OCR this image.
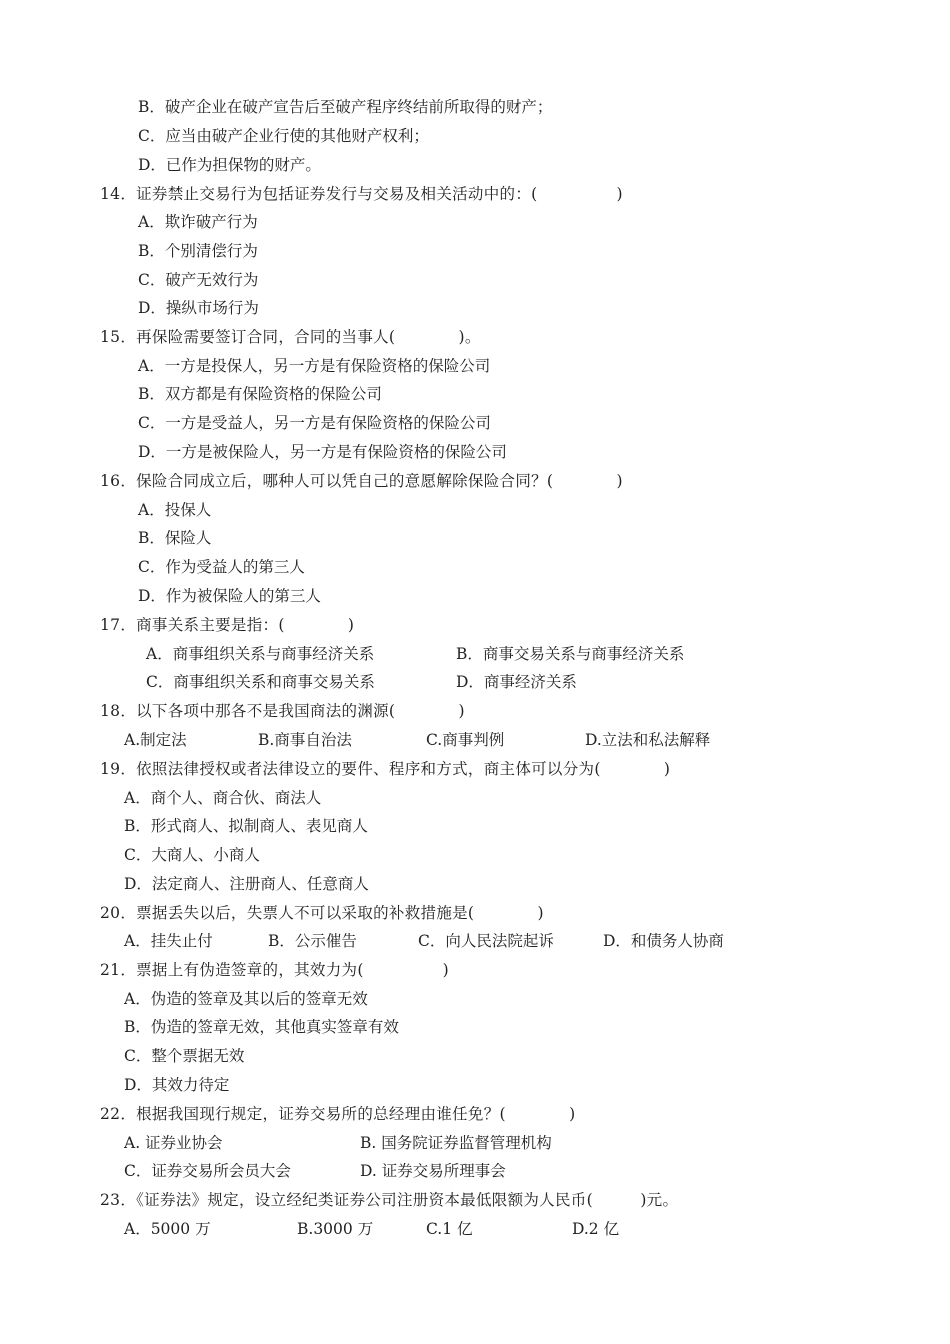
B．破产企业在破产宣告后至破产程序终结前所取得的财产；
C．应当由破产企业行使的其他财产权利；
D．已作为担保物的财产。
14．证券禁止交易行为包括证券发行与交易及相关活动中的：(　　　　　)
A．欺诈破产行为
B．个别清偿行为
C．破产无效行为
D．操纵市场行为
15．再保险需要签订合同，合同的当事人(　　　　)。
A．一方是投保人，另一方是有保险资格的保险公司
B．双方都是有保险资格的保险公司
C．一方是受益人，另一方是有保险资格的保险公司
D．一方是被保险人，另一方是有保险资格的保险公司
16．保险合同成立后，哪种人可以凭自己的意愿解除保险合同？(　　　　)
A．投保人
B．保险人
C．作为受益人的第三人
D．作为被保险人的第三人
17．商事关系主要是指：(　　　　)
A．商事组织关系与商事经济关系	B．商事交易关系与商事经济关系
C．商事组织关系和商事交易关系	D．商事经济关系
18．以下各项中那各不是我国商法的渊源(　　　　)
A.制定法	B.商事自治法	C.商事判例	D.立法和私法解释
19．依照法律授权或者法律设立的要件、程序和方式，商主体可以分为(　　　　)
A．商个人、商合伙、商法人
B．形式商人、拟制商人、表见商人
C．大商人、小商人
D．法定商人、注册商人、任意商人
20．票据丢失以后，失票人不可以采取的补救措施是(　　　　)
A．挂失止付	B．公示催告	C．向人民法院起诉	D．和债务人协商
21．票据上有伪造签章的，其效力为(　　　　　)
A．伪造的签章及其以后的签章无效
B．伪造的签章无效，其他真实签章有效
C．整个票据无效
D．其效力待定
22．根据我国现行规定，证券交易所的总经理由谁任免？(　　　　)
A. 证券业协会	B. 国务院证券监督管理机构
C．证券交易所会员大会	D. 证券交易所理事会
23．《证券法》规定，设立经纪类证券公司注册资本最低限额为人民币(　　　)元。
A．5000 万	B.3000 万	C.1 亿	D.2 亿
